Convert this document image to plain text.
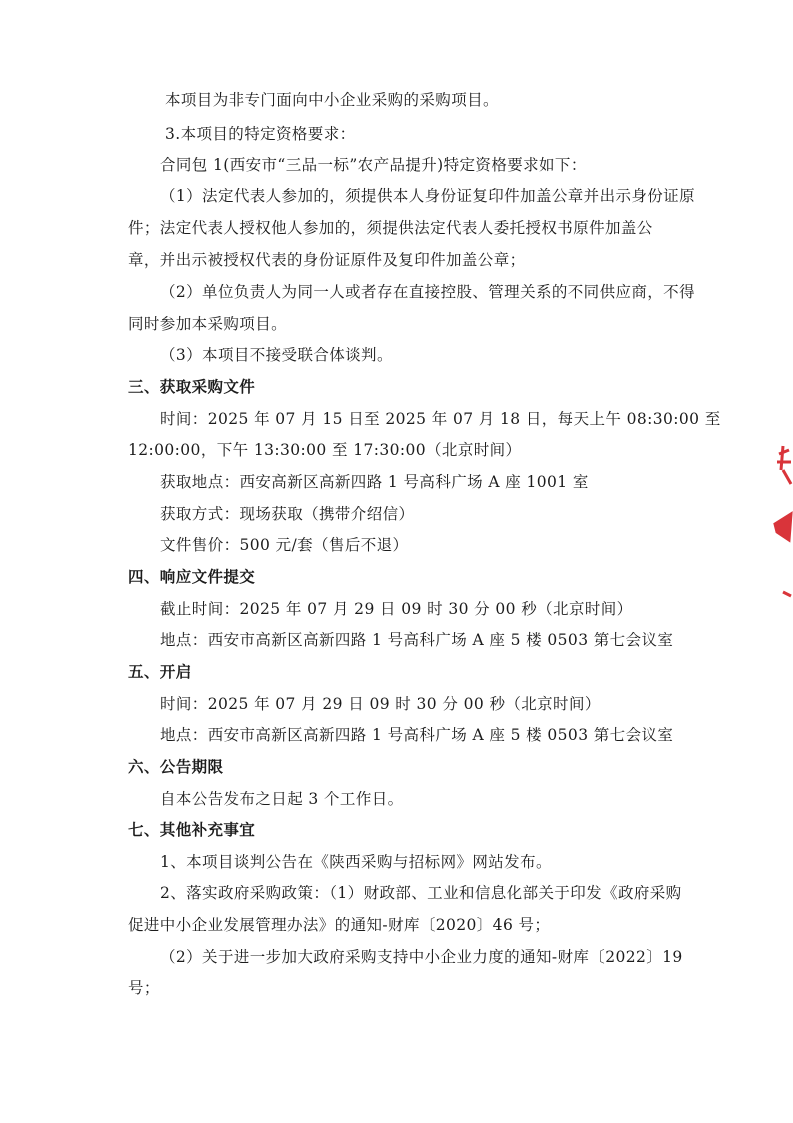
本项目为非专门面向中小企业采购的采购项目。
3.本项目的特定资格要求：
合同包 1(西安市“三品一标”农产品提升)特定资格要求如下：
（1）法定代表人参加的，须提供本人身份证复印件加盖公章并出示身份证原
件；法定代表人授权他人参加的，须提供法定代表人委托授权书原件加盖公
章，并出示被授权代表的身份证原件及复印件加盖公章；
（2）单位负责人为同一人或者存在直接控股、管理关系的不同供应商，不得
同时参加本采购项目。
（3）本项目不接受联合体谈判。
三、获取采购文件
时间：2025 年 07 月 15 日至 2025 年 07 月 18 日，每天上午 08:30:00 至
12:00:00，下午 13:30:00 至 17:30:00（北京时间）
获取地点：西安高新区高新四路 1 号高科广场 A 座 1001 室
获取方式：现场获取（携带介绍信）
文件售价：500 元/套（售后不退）
四、响应文件提交
截止时间：2025 年 07 月 29 日 09 时 30 分 00 秒（北京时间）
地点：西安市高新区高新四路 1 号高科广场 A 座 5 楼 0503 第七会议室
五、开启
时间：2025 年 07 月 29 日 09 时 30 分 00 秒（北京时间）
地点：西安市高新区高新四路 1 号高科广场 A 座 5 楼 0503 第七会议室
六、公告期限
自本公告发布之日起 3 个工作日。
七、其他补充事宜
1、本项目谈判公告在《陕西采购与招标网》网站发布。
2、落实政府采购政策：（1）财政部、工业和信息化部关于印发《政府采购
促进中小企业发展管理办法》的通知-财库〔2020〕46 号；
（2）关于进一步加大政府采购支持中小企业力度的通知-财库〔2022〕19
号；
